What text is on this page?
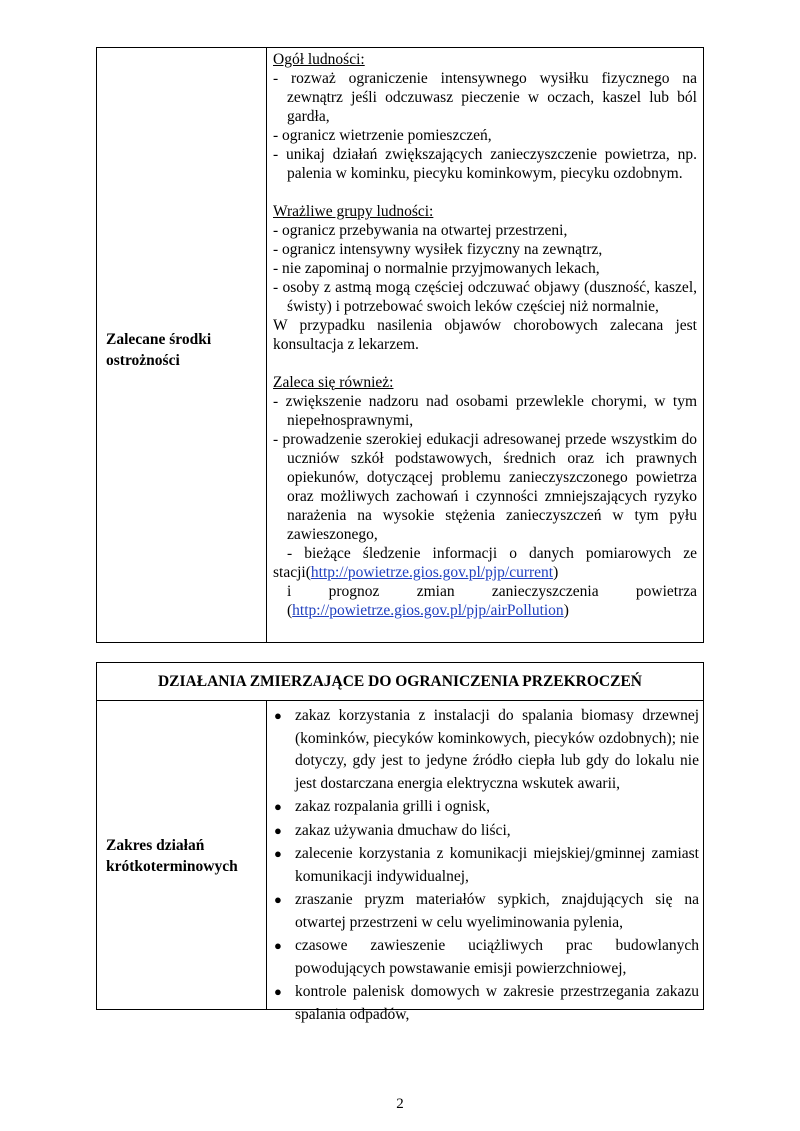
Zalecane środki
ostrożności
Ogół ludności:
- rozważ ograniczenie intensywnego wysiłku fizycznego na zewnątrz jeśli odczuwasz pieczenie w oczach, kaszel lub ból gardła,
- ogranicz wietrzenie pomieszczeń,
- unikaj działań zwiększających zanieczyszczenie powietrza, np. palenia w kominku, piecyku kominkowym, piecyku ozdobnym.
Wrażliwe grupy ludności:
- ogranicz przebywania na otwartej przestrzeni,
- ogranicz intensywny wysiłek fizyczny na zewnątrz,
- nie zapominaj o normalnie przyjmowanych lekach,
- osoby z astmą mogą częściej odczuwać objawy (duszność, kaszel, świsty) i potrzebować swoich leków częściej niż normalnie,
W przypadku nasilenia objawów chorobowych zalecana jest konsultacja z lekarzem.
Zaleca się również:
- zwiększenie nadzoru nad osobami przewlekle chorymi, w tym niepełnosprawnymi,
- prowadzenie szerokiej edukacji adresowanej przede wszystkim do uczniów szkół podstawowych, średnich oraz ich prawnych opiekunów, dotyczącej problemu zanieczyszczonego powietrza oraz możliwych zachowań i czynności zmniejszających ryzyko narażenia na wysokie stężenia zanieczyszczeń w tym pyłu zawieszonego,
- bieżące śledzenie informacji o danych pomiarowych ze stacji(http://powietrze.gios.gov.pl/pjp/current)
i prognoz zmian zanieczyszczenia powietrza
(http://powietrze.gios.gov.pl/pjp/airPollution)
DZIAŁANIA ZMIERZAJĄCE DO OGRANICZENIA PRZEKROCZEŃ
Zakres działań
krótkoterminowych
● zakaz korzystania z instalacji do spalania biomasy drzewnej (kominków, piecyków kominkowych, piecyków ozdobnych); nie dotyczy, gdy jest to jedyne źródło ciepła lub gdy do lokalu nie jest dostarczana energia elektryczna wskutek awarii,
● zakaz rozpalania grilli i ognisk,
● zakaz używania dmuchaw do liści,
● zalecenie korzystania z komunikacji miejskiej/gminnej zamiast komunikacji indywidualnej,
● zraszanie pryzm materiałów sypkich, znajdujących się na otwartej przestrzeni w celu wyeliminowania pylenia,
● czasowe zawieszenie uciążliwych prac budowlanych powodujących powstawanie emisji powierzchniowej,
● kontrole palenisk domowych w zakresie przestrzegania zakazu spalania odpadów,
2
